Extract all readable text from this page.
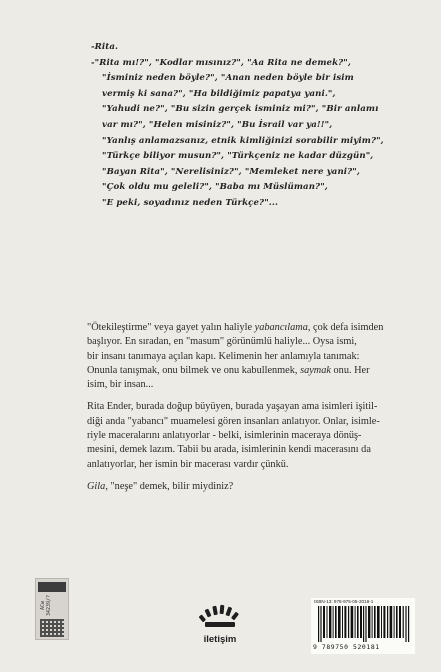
-Rita.
-"Rita mı!?", "Kodlar mısınız?", "Aa Rita ne demek?",
"İsminiz neden böyle?", "Anan neden böyle bir isim
vermiş ki sana?", "Ha bildiğimiz papatya yani.",
"Yahudi ne?", "Bu sizin gerçek isminiz mi?", "Bir anlamı
var mı?", "Helen misiniz?", "Bu İsrail var ya!!",
"Yanlış anlamazsanız, etnik kimliğinizi sorabilir miyim?",
"Türkçe biliyor musun?", "Türkçeniz ne kadar düzgün",
"Bayan Rita", "Nerelisiniz?", "Memleket nere yani?",
"Çok oldu mu geleli?", "Baba mı Müslüman?",
"E peki, soyadınız neden Türkçe?"...

"Ötekileştirme" veya gayet yalın haliyle yabancılama, çok defa isimden
başlıyor. En sıradan, en "masum" görünümlü haliyle... Oysa ismi,
bir insanı tanımaya açılan kapı. Kelimenin her anlamıyla tanımak:
Onunla tanışmak, onu bilmek ve onu kabullenmek, saymak onu. Her
isim, bir insan...

Rita Ender, burada doğup büyüyen, burada yaşayan ama isimleri işitil-
diği anda "yabancı" muamelesi gören insanları anlatıyor. Onlar, isimle-
riyle maceralarını anlatıyorlar - belki, isimlerinin maceraya dönüş-
mesini, demek lazım. Tabii bu arada, isimlerinin kendi macerasını da
anlatıyorlar, her ismin bir macerası vardır çünkü.

Gila, "neşe" demek, bilir miydiniz?

ACw 34239/?
iletişim
ISBN-13: 978-975-05-2018-1
9 789750 520181
